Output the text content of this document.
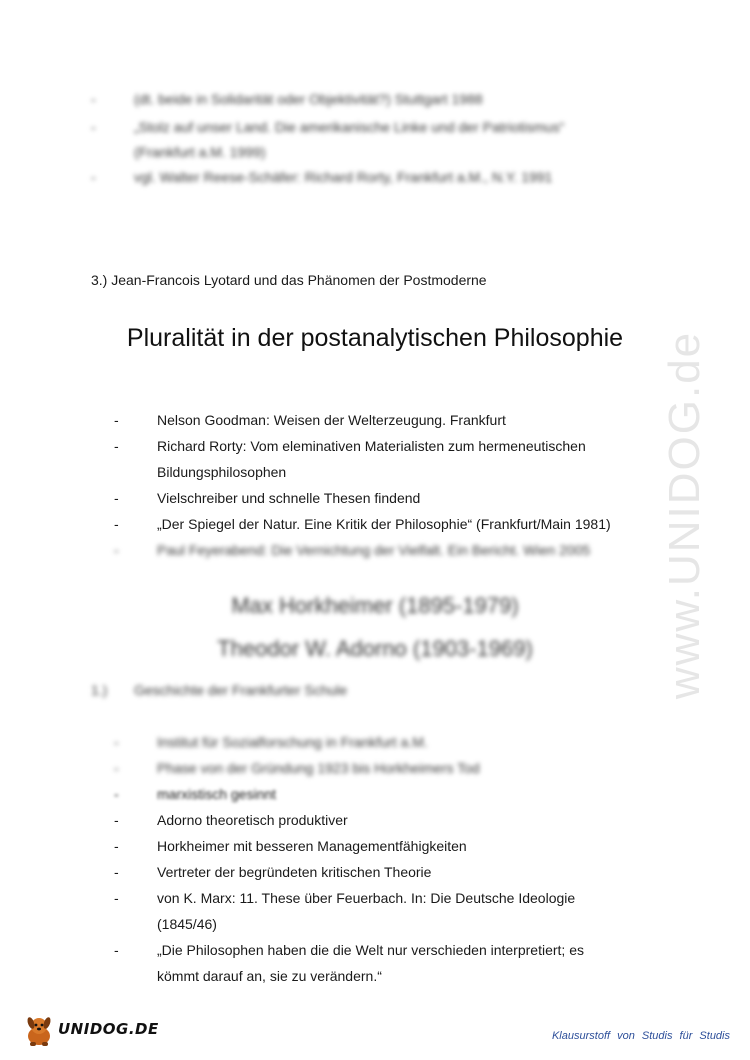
-	(dt. beide in Solidarität oder Objektivität?) Stuttgart 1988
-	„Stolz auf unser Land. Die amerikanische Linke und der Patriotismus“
(Frankfurt a.M. 1999)
-	vgl. Walter Reese-Schäfer: Richard Rorty, Frankfurt a.M., N.Y. 1991
3.) Jean-Francois Lyotard und das Phänomen der Postmoderne
Pluralität in der postanalytischen Philosophie
-	Nelson Goodman: Weisen der Welterzeugung. Frankfurt
-	Richard Rorty: Vom eleminativen Materialisten zum hermeneutischen
Bildungsphilosophen
-	Vielschreiber und schnelle Thesen findend
-	„Der Spiegel der Natur. Eine Kritik der Philosophie“ (Frankfurt/Main 1981)
-	Paul Feyerabend: Die Vernichtung der Vielfalt. Ein Bericht. Wien 2005
Max Horkheimer (1895-1979)
Theodor W. Adorno (1903-1969)
1.) Geschichte der Frankfurter Schule
-	Institut für Sozialforschung in Frankfurt a.M.
-	Phase von der Gründung 1923 bis Horkheimers Tod
-	marxistisch gesinnt
-	Adorno theoretisch produktiver
-	Horkheimer mit besseren Managementfähigkeiten
-	Vertreter der begründeten kritischen Theorie
-	von K. Marx: 11. These über Feuerbach. In: Die Deutsche Ideologie
(1845/46)
-	„Die Philosophen haben die die Welt nur verschieden interpretiert; es
kömmt darauf an, sie zu verändern.“
www.UNIDOG.de
UNIDOG.DE	Klausurstoff von Studis für Studis
